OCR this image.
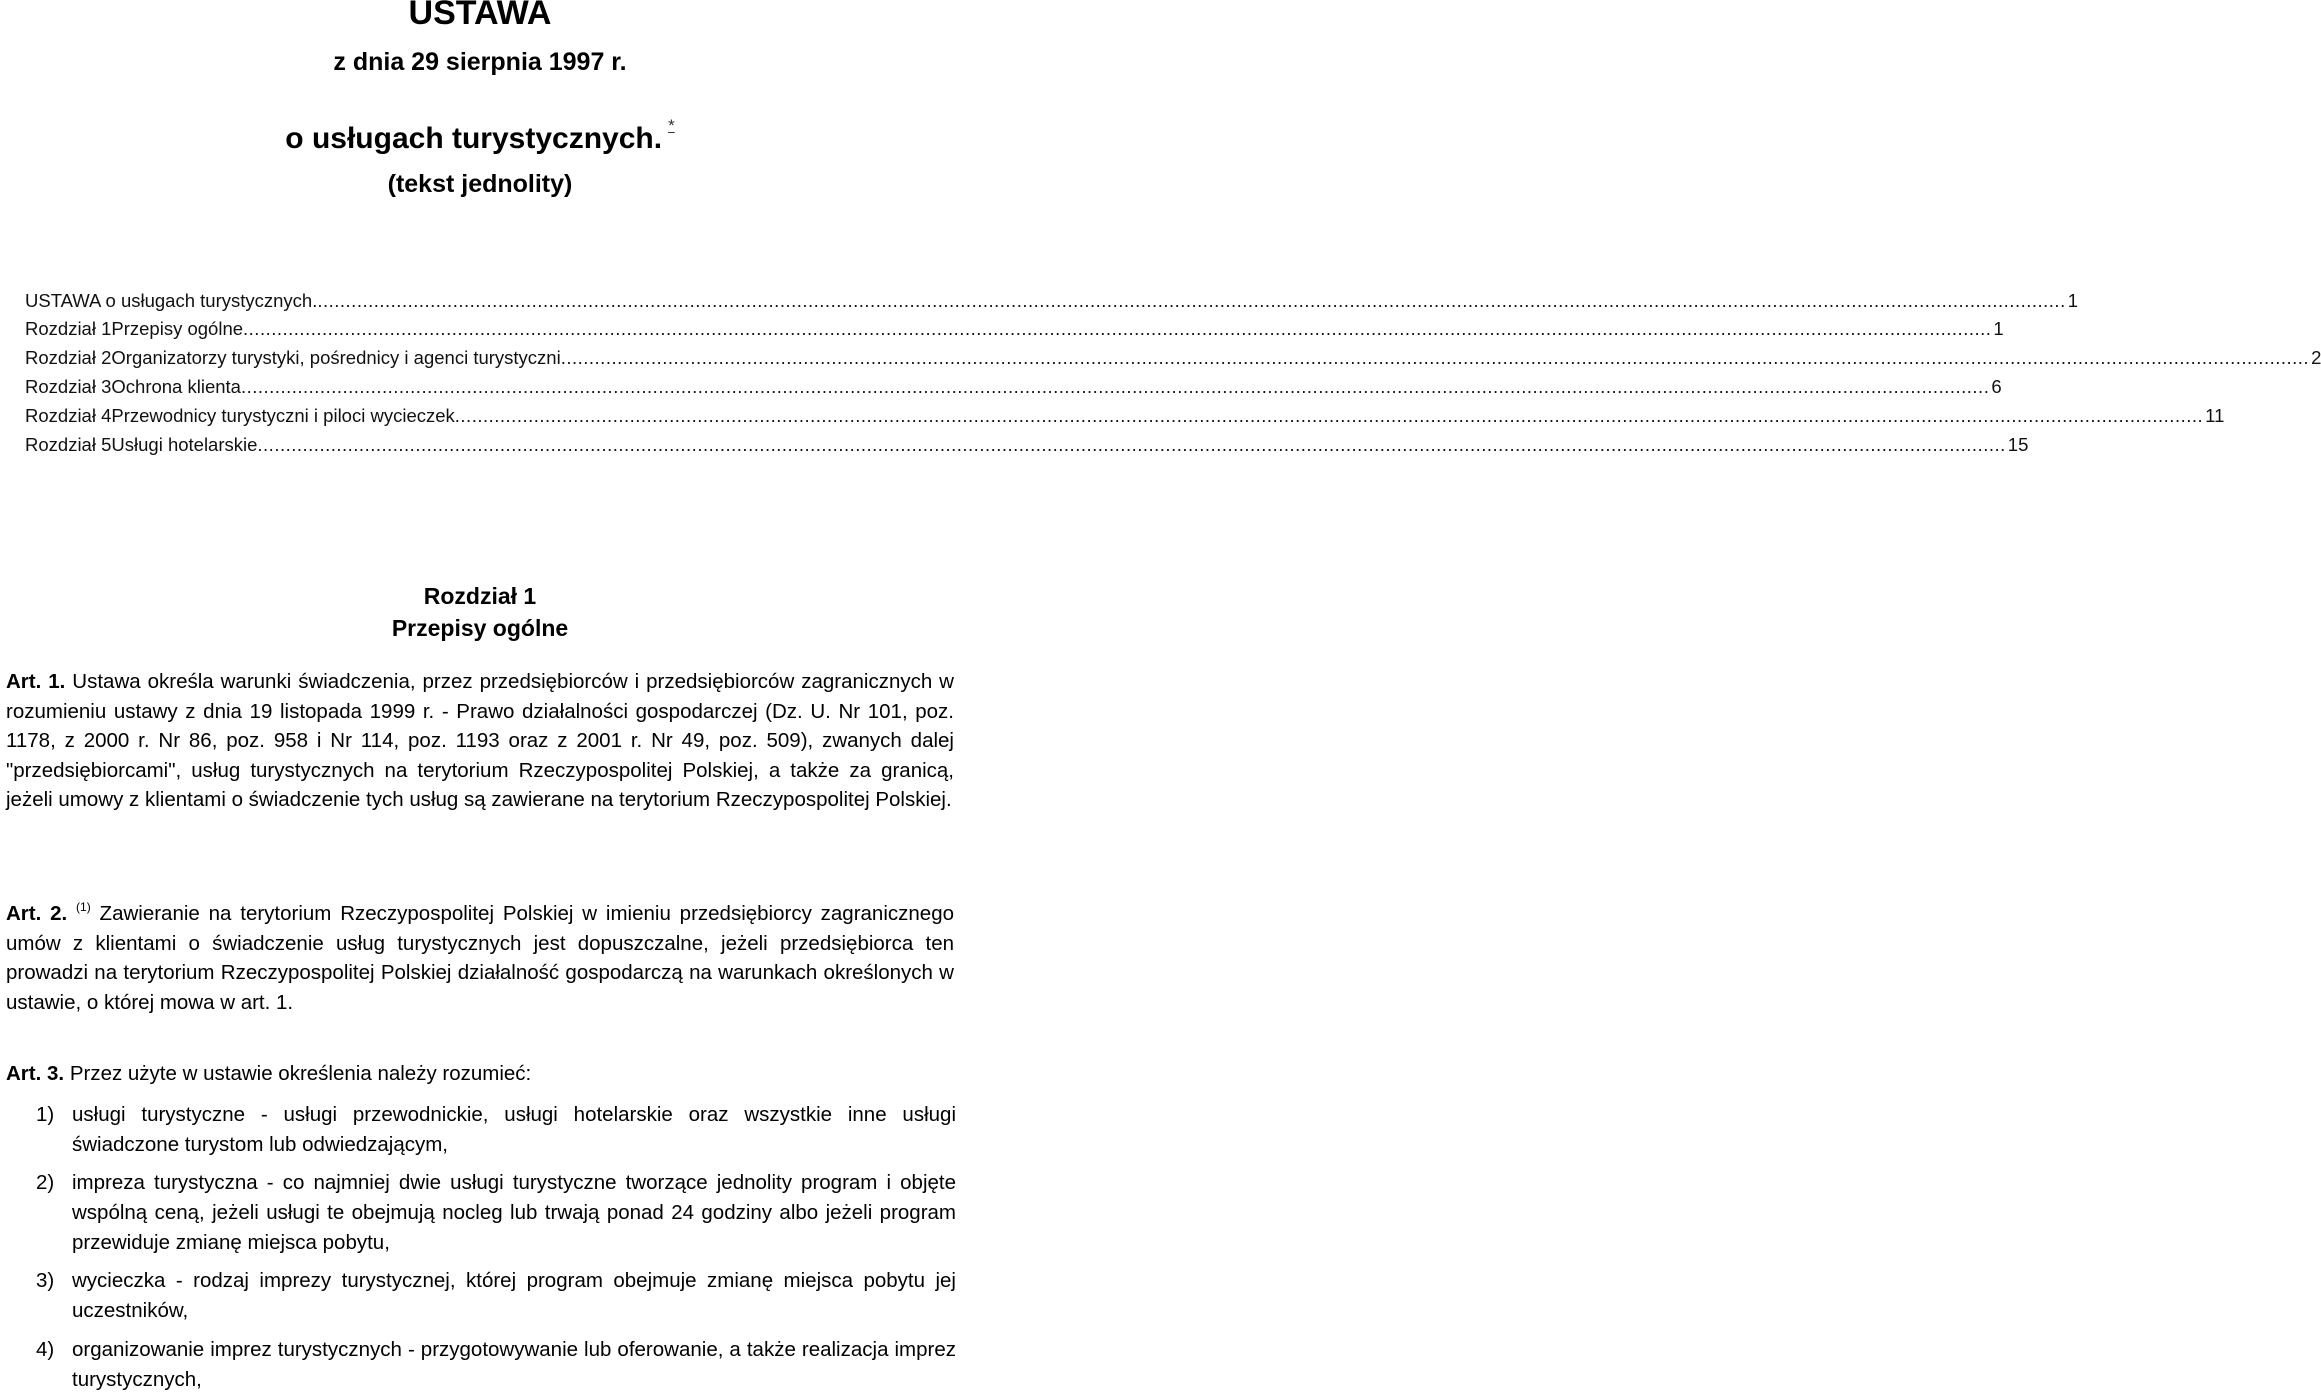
USTAWA
z dnia 29 sierpnia 1997 r.
o usługach turystycznych. *
(tekst jednolity)
USTAWA o usługach turystycznych. .....	1
Rozdział 1 Przepisy ogólne .....	1
Rozdział 2 Organizatorzy turystyki, pośrednicy i agenci turystyczni .....	2
Rozdział 3 Ochrona klienta .....	6
Rozdział 4 Przewodnicy turystyczni i piloci wycieczek .....	11
Rozdział 5 Usługi hotelarskie .....	15
Rozdział 1
Przepisy ogólne

Art. 1. Ustawa określa warunki świadczenia, przez przedsiębiorców i przedsiębiorców zagranicznych w rozumieniu ustawy z dnia 19 listopada 1999 r. - Prawo działalności gospodarczej (Dz. U. Nr 101, poz. 1178, z 2000 r. Nr 86, poz. 958 i Nr 114, poz. 1193 oraz z 2001 r. Nr 49, poz. 509), zwanych dalej "przedsiębiorcami", usług turystycznych na terytorium Rzeczypospolitej Polskiej, a także za granicą, jeżeli umowy z klientami o świadczenie tych usług są zawierane na terytorium Rzeczypospolitej Polskiej.

Art. 2. $^{(1)}$ Zawieranie na terytorium Rzeczypospolitej Polskiej w imieniu przedsiębiorcy zagranicznego umów z klientami o świadczenie usług turystycznych jest dopuszczalne, jeżeli przedsiębiorca ten prowadzi na terytorium Rzeczypospolitej Polskiej działalność gospodarczą na warunkach określonych w ustawie, o której mowa w art. 1.

Art. 3. Przez użyte w ustawie określenia należy rozumieć:

1) usługi turystyczne - usługi przewodnickie, usługi hotelarskie oraz wszystkie inne usługi świadczone turystom lub odwiedzającym,
2) impreza turystyczna - co najmniej dwie usługi turystyczne tworzące jednolity program i objęte wspólną ceną, jeżeli usługi te obejmują nocleg lub trwają ponad 24 godziny albo jeżeli program przewiduje zmianę miejsca pobytu,
3) wycieczka - rodzaj imprezy turystycznej, której program obejmuje zmianę miejsca pobytu jej uczestników,
4) organizowanie imprez turystycznych - przygotowywanie lub oferowanie, a także realizacja imprez turystycznych,
